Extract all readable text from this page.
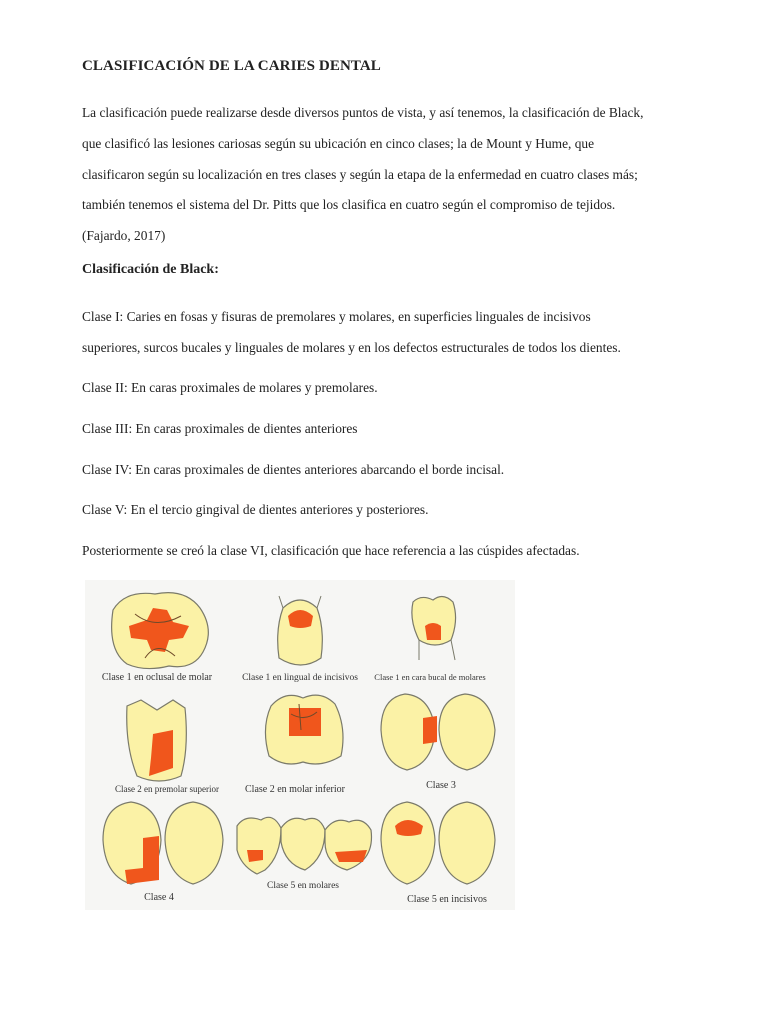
CLASIFICACIÓN DE LA CARIES DENTAL

La clasificación puede realizarse desde diversos puntos de vista, y así tenemos, la clasificación de Black,
que clasificó las lesiones cariosas según su ubicación en cinco clases; la de Mount y Hume, que
clasificaron según su localización en tres clases y según la etapa de la enfermedad en cuatro clases más;
también tenemos el sistema del Dr. Pitts que los clasifica en cuatro según el compromiso de tejidos.
(Fajardo, 2017)

Clasificación de Black:

Clase I: Caries en fosas y fisuras de premolares y molares, en superficies linguales de incisivos
superiores, surcos bucales y linguales de molares y en los defectos estructurales de todos los dientes.

Clase II: En caras proximales de molares y premolares.

Clase III: En caras proximales de dientes anteriores

Clase IV: En caras proximales de dientes anteriores abarcando el borde incisal.

Clase V: En el tercio gingival de dientes anteriores y posteriores.

Posteriormente se creó la clase VI, clasificación que hace referencia a las cúspides afectadas.

Clase 1 en oclusal de molar	Clase 1 en lingual de incisivos Clase 1 en cara bucal de molares
Clase 2 en premolar superior	Clase 2 en molar inferior	Clase 3
Clase 4
Clase 5 en molares
Clase 5 en incisivos
